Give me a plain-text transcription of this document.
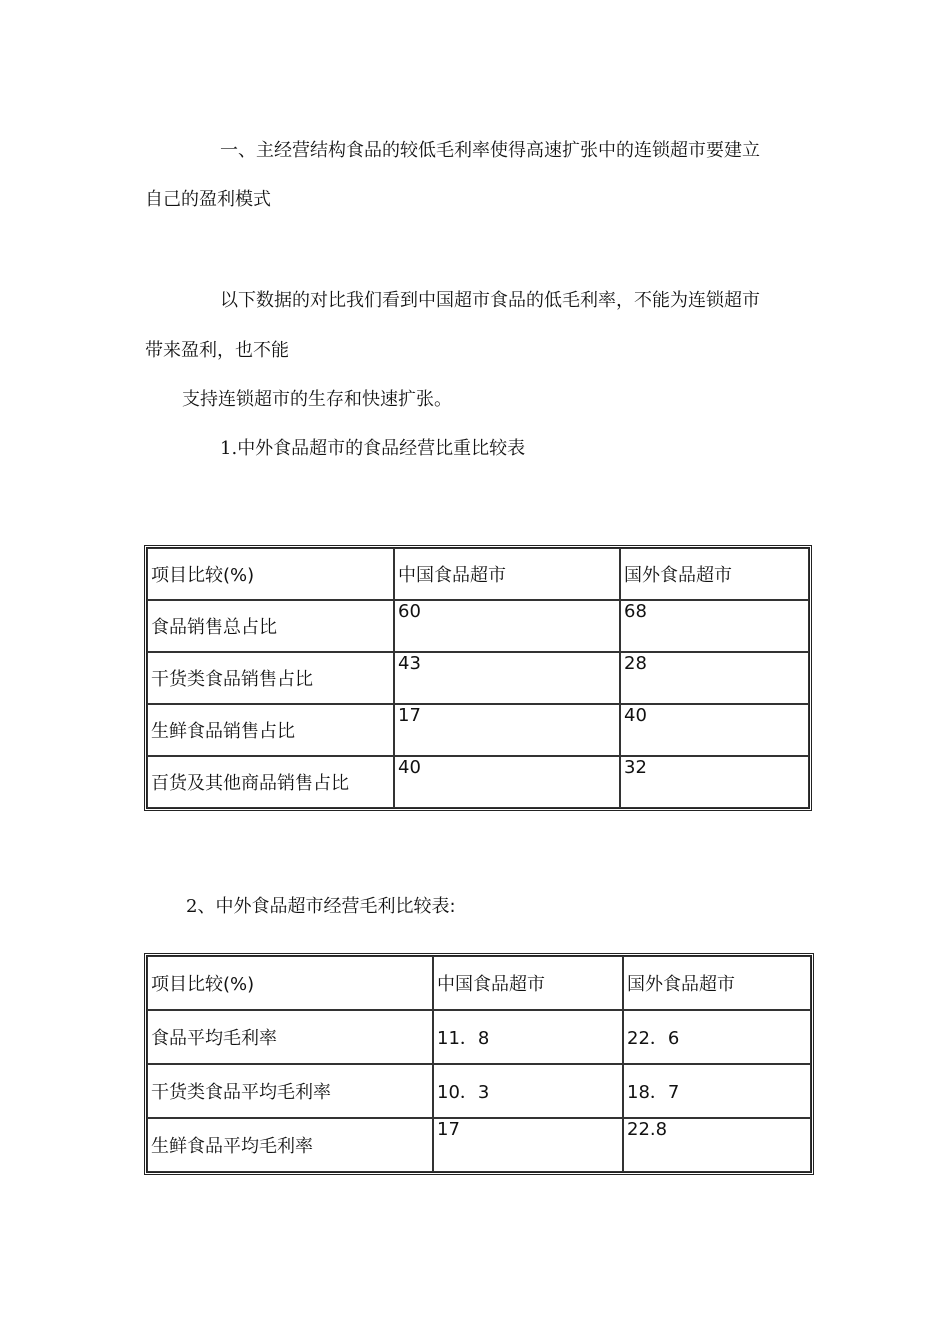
一、主经营结构食品的较低毛利率使得高速扩张中的连锁超市要建立
自己的盈利模式
以下数据的对比我们看到中国超市食品的低毛利率，不能为连锁超市
带来盈利，也不能
支持连锁超市的生存和快速扩张。
1.中外食品超市的食品经营比重比较表
项目比较(%)	中国食品超市	国外食品超市
食品销售总占比	60	68
干货类食品销售占比	43	28
生鲜食品销售占比	17	40
百货及其他商品销售占比	40	32
2、中外食品超市经营毛利比较表:
项目比较(%)	中国食品超市	国外食品超市
食品平均毛利率	11．8	22．6
干货类食品平均毛利率	10．3	18．7
生鲜食品平均毛利率	17	22.8
